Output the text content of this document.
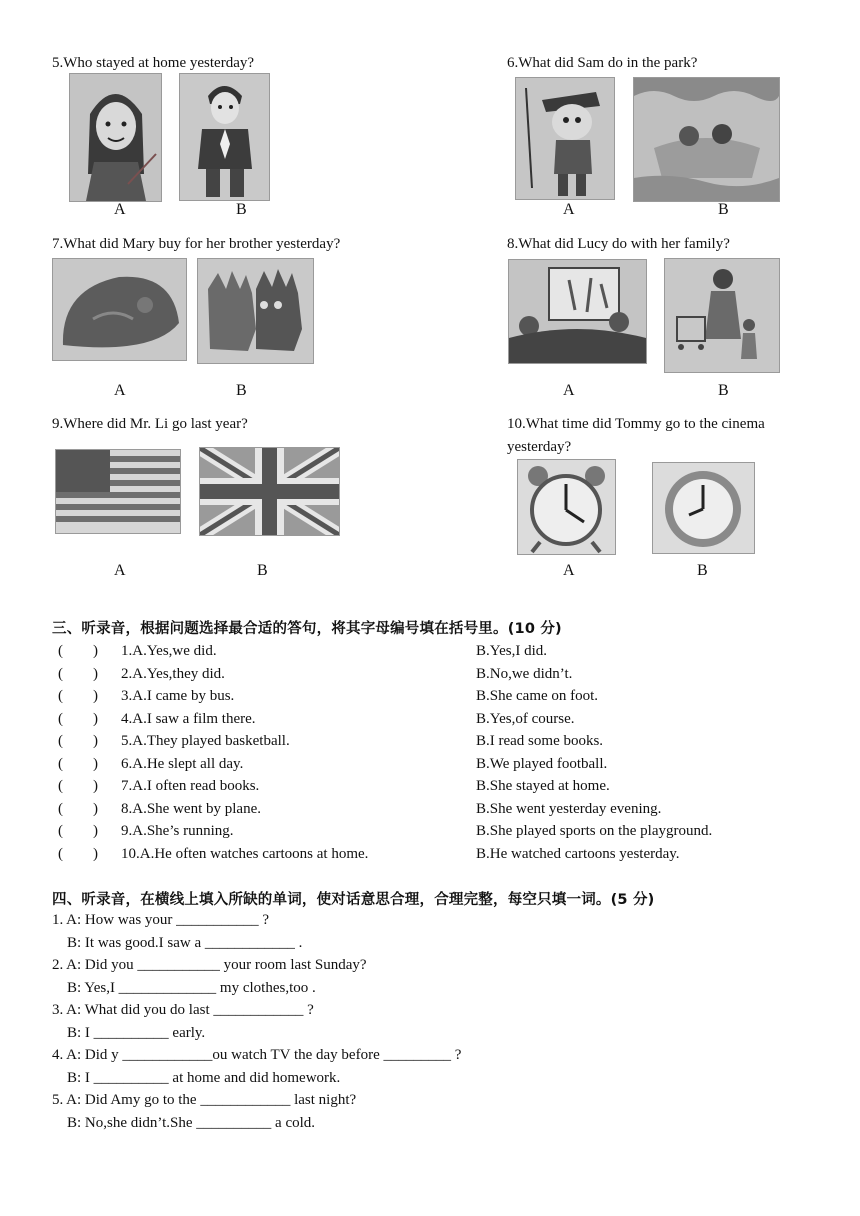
5.Who stayed at home yesterday?
A	B
6.What did Sam do in the park?
A	B
7.What did Mary buy for her brother yesterday?
A	B
8.What did Lucy do with her family?
A	B
9.Where did Mr. Li go last year?
A	B
10.What time did Tommy go to the cinema
yesterday?
A	B
三、听录音，根据问题选择最合适的答句，将其字母编号填在括号里。(10 分)
(        ) 1.A.Yes,we did.	B.Yes,I did.
(        ) 2.A.Yes,they did.	B.No,we didn’t.
(        ) 3.A.I came by bus.	B.She came on foot.
(        ) 4.A.I saw a film there.	B.Yes,of course.
(        ) 5.A.They played basketball.	B.I read some books.
(        ) 6.A.He slept all day.	B.We played football.
(        ) 7.A.I often read books.	B.She stayed at home.
(        ) 8.A.She went by plane.	B.She went yesterday evening.
(        ) 9.A.She’s running.	B.She played sports on the playground.
(        ) 10.A.He often watches cartoons at home.	B.He watched cartoons yesterday.
四、听录音，在横线上填入所缺的单词，使对话意思合理，合理完整，每空只填一词。(5 分)
1. A: How was your ___________ ?
B: It was good.I saw a ____________ .
2. A: Did you ___________ your room last Sunday?
B: Yes,I _____________ my clothes,too .
3. A: What did you do last ____________ ?
B: I __________ early.
4. A: Did y ____________ou watch TV the day before _________ ?
B: I __________ at home and did homework.
5. A: Did Amy go to the ____________ last night?
B: No,she didn’t.She __________ a cold.
